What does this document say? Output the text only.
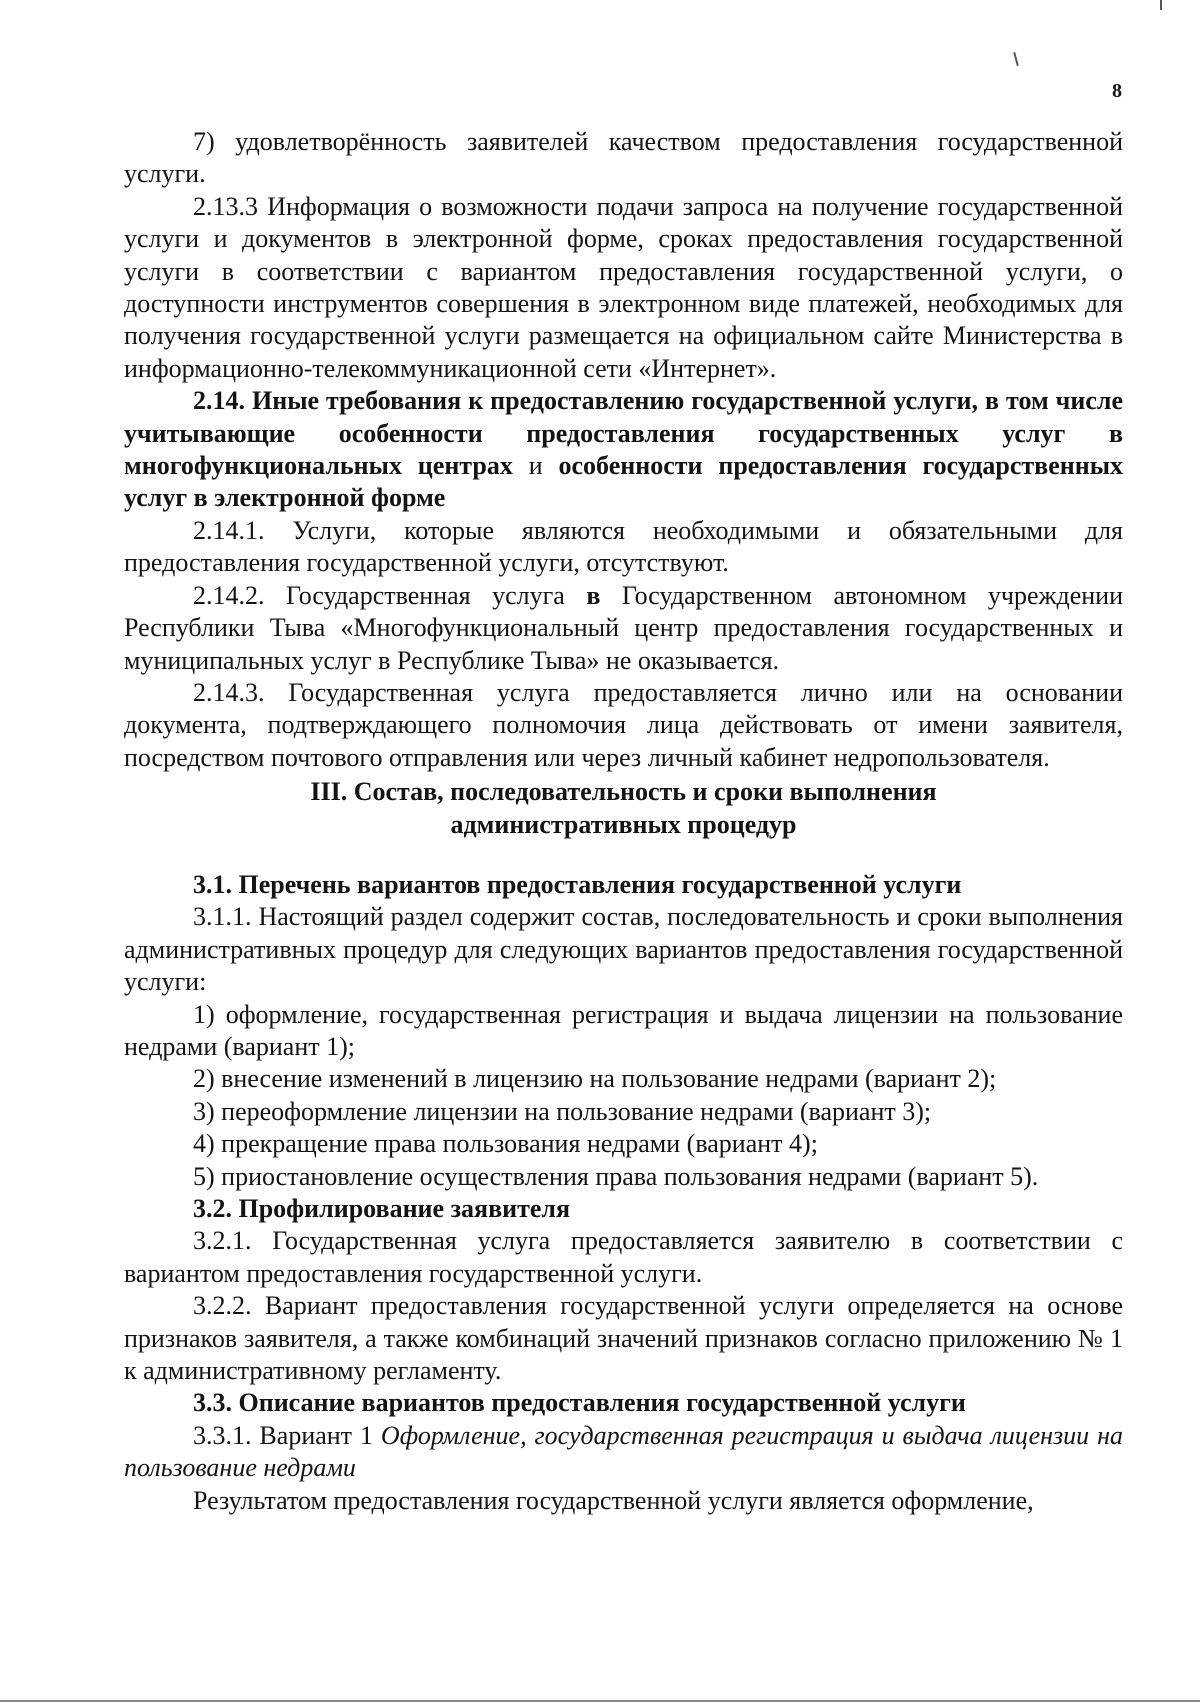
8

7) удовлетворённость заявителей качеством предоставления государственной услуги.

2.13.3 Информация о возможности подачи запроса на получение государственной услуги и документов в электронной форме, сроках предоставления государственной услуги в соответствии с вариантом предоставления государственной услуги, о доступности инструментов совершения в электронном виде платежей, необходимых для получения государственной услуги размещается на официальном сайте Министерства в информационно-телекоммуникационной сети «Интернет».

2.14. Иные требования к предоставлению государственной услуги, в том числе учитывающие особенности предоставления государственных услуг в многофункциональных центрах и особенности предоставления государственных услуг в электронной форме

2.14.1. Услуги, которые являются необходимыми и обязательными для предоставления государственной услуги, отсутствуют.

2.14.2. Государственная услуга в Государственном автономном учреждении Республики Тыва «Многофункциональный центр предоставления государственных и муниципальных услуг в Республике Тыва» не оказывается.

2.14.3. Государственная услуга предоставляется лично или на основании документа, подтверждающего полномочия лица действовать от имени заявителя, посредством почтового отправления или через личный кабинет недропользователя.

III. Состав, последовательность и сроки выполнения административных процедур

3.1. Перечень вариантов предоставления государственной услуги

3.1.1. Настоящий раздел содержит состав, последовательность и сроки выполнения административных процедур для следующих вариантов предоставления государственной услуги:

1) оформление, государственная регистрация и выдача лицензии на пользование недрами (вариант 1);

2) внесение изменений в лицензию на пользование недрами (вариант 2);

3) переоформление лицензии на пользование недрами (вариант 3);

4) прекращение права пользования недрами (вариант 4);

5) приостановление осуществления права пользования недрами (вариант 5).

3.2. Профилирование заявителя

3.2.1. Государственная услуга предоставляется заявителю в соответствии с вариантом предоставления государственной услуги.

3.2.2. Вариант предоставления государственной услуги определяется на основе признаков заявителя, а также комбинаций значений признаков согласно приложению № 1 к административному регламенту.

3.3. Описание вариантов предоставления государственной услуги

3.3.1. Вариант 1 Оформление, государственная регистрация и выдача лицензии на пользование недрами

Результатом предоставления государственной услуги является оформление,
